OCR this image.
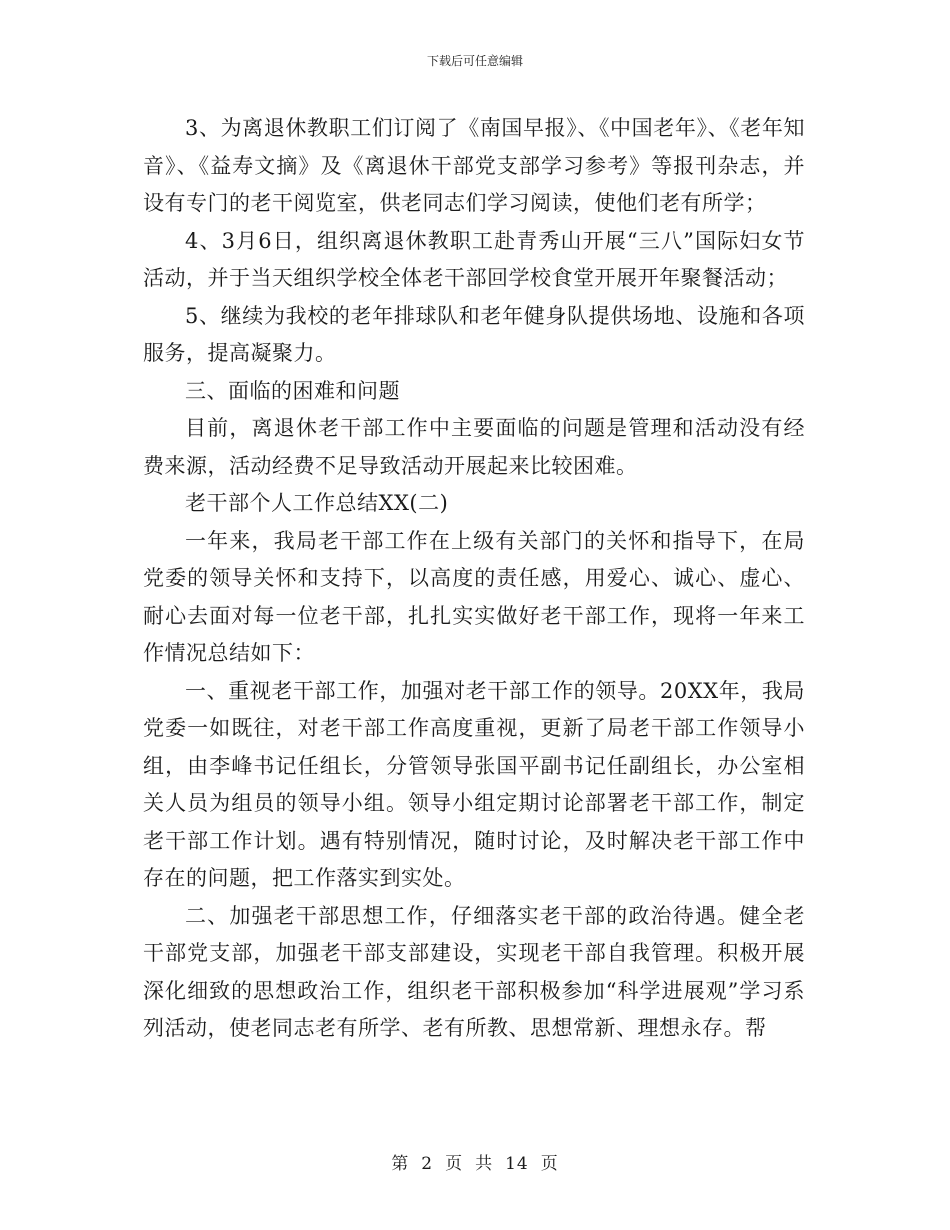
下载后可任意编辑

3、为离退休教职工们订阅了《南国早报》、《中国老年》、《老年知音》、《益寿文摘》及《离退休干部党支部学习参考》等报刊杂志，并设有专门的老干阅览室，供老同志们学习阅读，使他们老有所学；

4、3月6日，组织离退休教职工赴青秀山开展“三八”国际妇女节活动，并于当天组织学校全体老干部回学校食堂开展开年聚餐活动；

5、继续为我校的老年排球队和老年健身队提供场地、设施和各项服务，提高凝聚力。

三、面临的困难和问题

目前，离退休老干部工作中主要面临的问题是管理和活动没有经费来源，活动经费不足导致活动开展起来比较困难。

老干部个人工作总结XX(二)

一年来，我局老干部工作在上级有关部门的关怀和指导下，在局党委的领导关怀和支持下，以高度的责任感，用爱心、诚心、虚心、耐心去面对每一位老干部，扎扎实实做好老干部工作，现将一年来工作情况总结如下：

一、重视老干部工作，加强对老干部工作的领导。20XX年，我局党委一如既往，对老干部工作高度重视，更新了局老干部工作领导小组，由李峰书记任组长，分管领导张国平副书记任副组长，办公室相关人员为组员的领导小组。领导小组定期讨论部署老干部工作，制定老干部工作计划。遇有特别情况，随时讨论，及时解决老干部工作中存在的问题，把工作落实到实处。

二、加强老干部思想工作，仔细落实老干部的政治待遇。健全老干部党支部，加强老干部支部建设，实现老干部自我管理。积极开展深化细致的思想政治工作，组织老干部积极参加“科学进展观”学习系列活动，使老同志老有所学、老有所教、思想常新、理想永存。帮

第 2 页 共 14 页
